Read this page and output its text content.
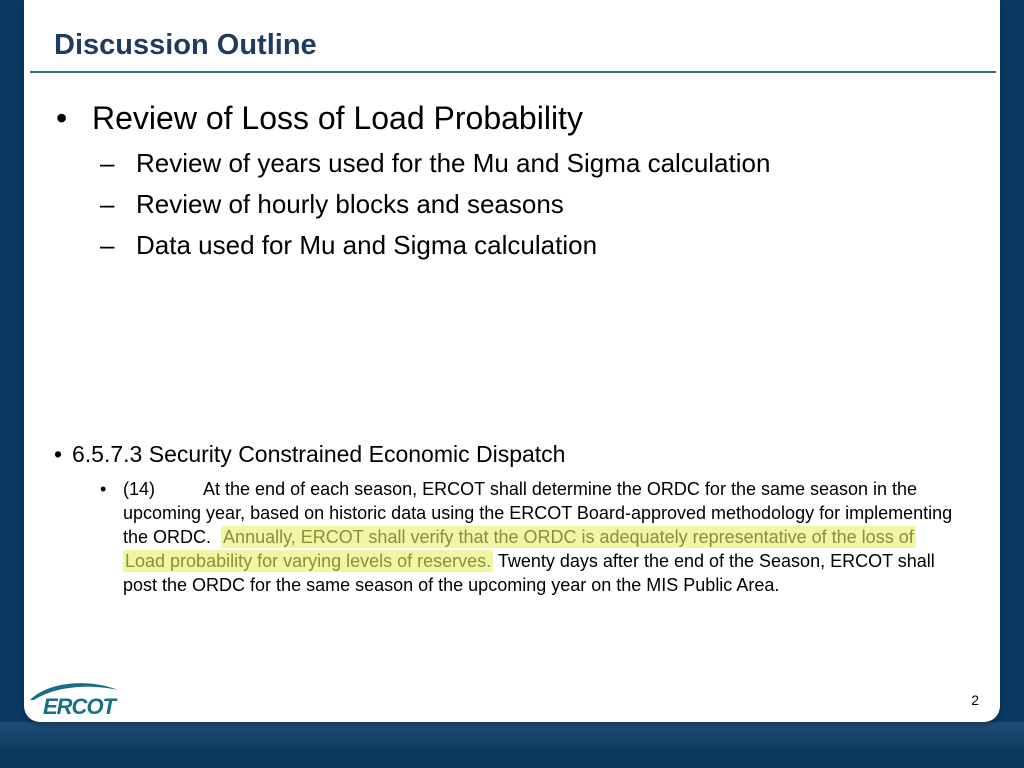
Discussion Outline
• Review of Loss of Load Probability
– Review of years used for the Mu and Sigma calculation
– Review of hourly blocks and seasons
– Data used for Mu and Sigma calculation
• 6.5.7.3 Security Constrained Economic Dispatch
• (14)	At the end of each season, ERCOT shall determine the ORDC for the same season in the upcoming year, based on historic data using the ERCOT Board-approved methodology for implementing the ORDC. Annually, ERCOT shall verify that the ORDC is adequately representative of the loss of Load probability for varying levels of reserves. Twenty days after the end of the Season, ERCOT shall post the ORDC for the same season of the upcoming year on the MIS Public Area.
ERCOT	2
